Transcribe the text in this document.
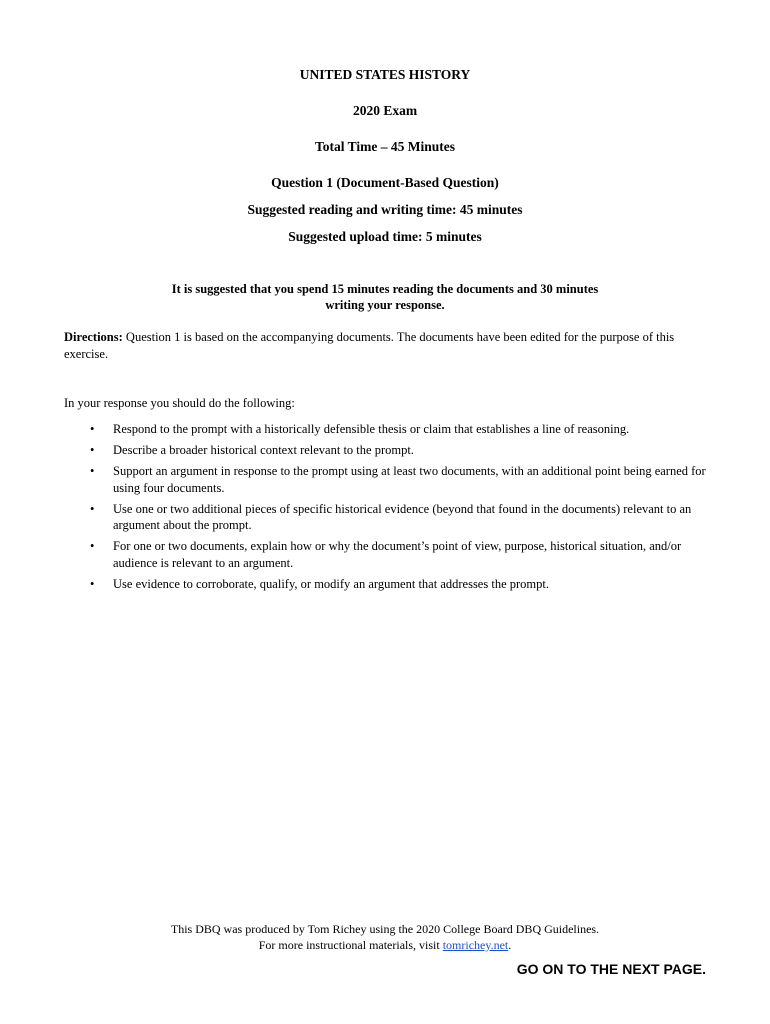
UNITED STATES HISTORY
2020 Exam
Total Time – 45 Minutes
Question 1 (Document-Based Question)
Suggested reading and writing time: 45 minutes
Suggested upload time: 5 minutes
It is suggested that you spend 15 minutes reading the documents and 30 minutes
writing your response.
Directions: Question 1 is based on the accompanying documents. The documents have been edited for the purpose of this exercise.
In your response you should do the following:
• Respond to the prompt with a historically defensible thesis or claim that establishes a line of reasoning.
• Describe a broader historical context relevant to the prompt.
• Support an argument in response to the prompt using at least two documents, with an additional point being earned for using four documents.
• Use one or two additional pieces of specific historical evidence (beyond that found in the documents) relevant to an argument about the prompt.
• For one or two documents, explain how or why the document’s point of view, purpose, historical situation, and/or audience is relevant to an argument.
• Use evidence to corroborate, qualify, or modify an argument that addresses the prompt.
This DBQ was produced by Tom Richey using the 2020 College Board DBQ Guidelines.
For more instructional materials, visit tomrichey.net.
GO ON TO THE NEXT PAGE.
